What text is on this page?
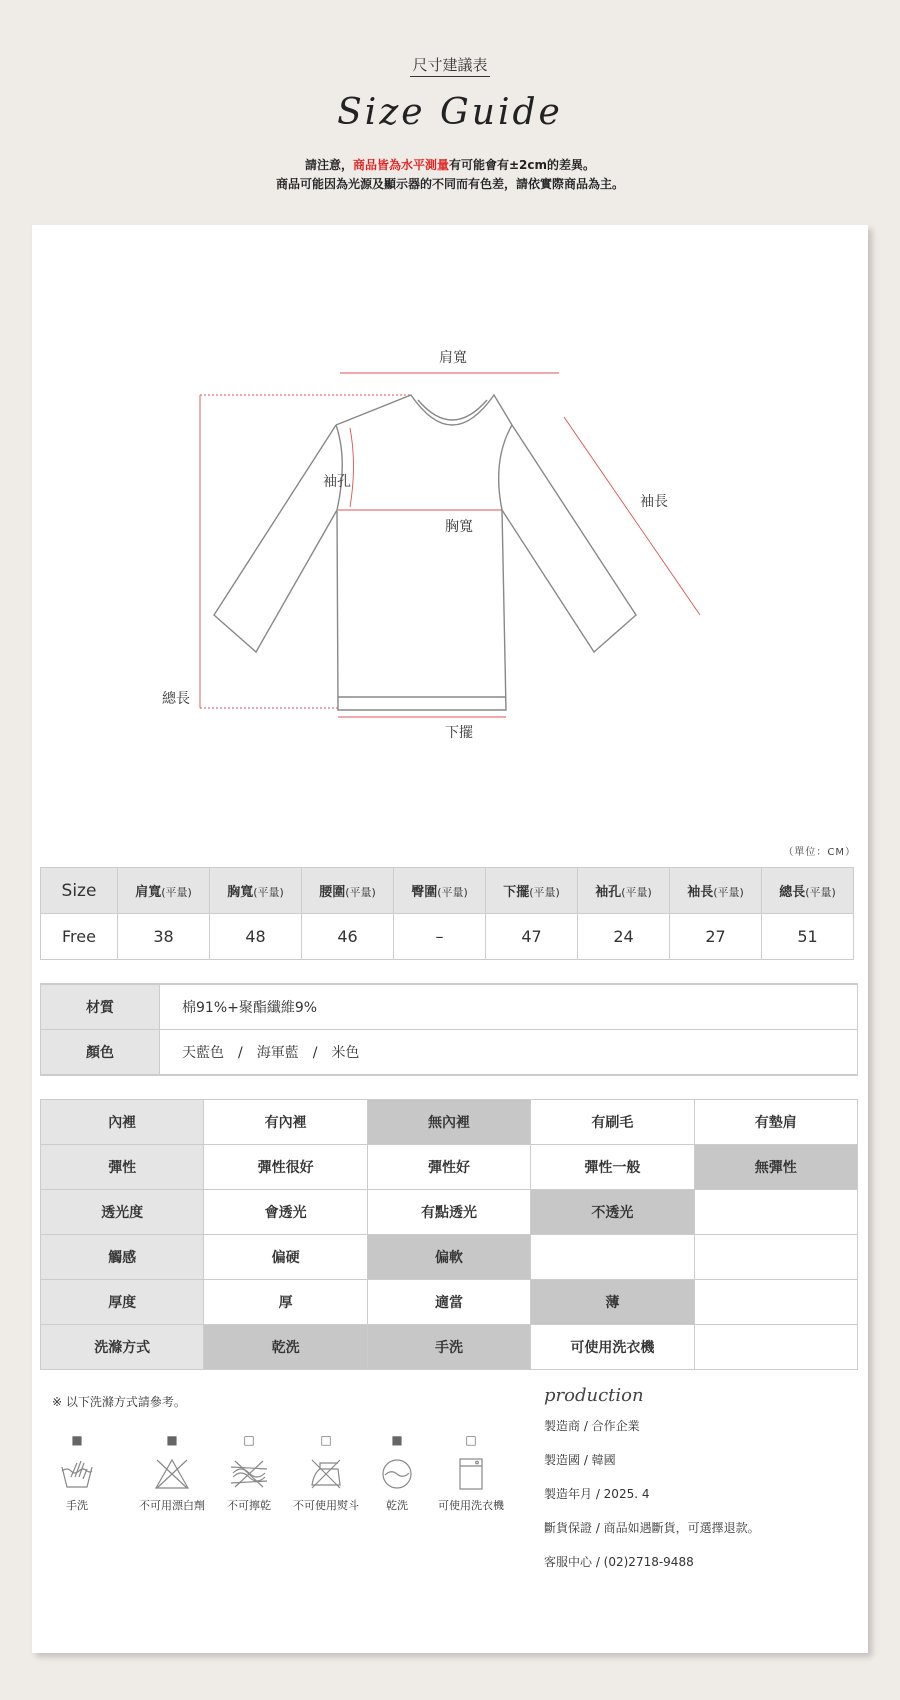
尺寸建議表
Size Guide
請注意，商品皆為水平測量有可能會有±2cm的差異。
商品可能因為光源及顯示器的不同而有色差，請依實際商品為主。
肩寬
袖孔
袖長
胸寬
總長
下擺
（單位：CM）
Size	肩寬(平量)	胸寬(平量)	腰圍(平量)	臀圍(平量)	下擺(平量)	袖孔(平量)	袖長(平量)	總長(平量)
Free	38	48	46	–	47	24	27	51
材質	棉91%+聚酯纖維9%
顏色	天藍色 / 海軍藍 / 米色
內裡	有內裡	無內裡	有刷毛	有墊肩
彈性	彈性很好	彈性好	彈性一般	無彈性
透光度	會透光	有點透光	不透光	
觸感	偏硬	偏軟		
厚度	厚	適當	薄	
洗滌方式	乾洗	手洗	可使用洗衣機	
※ 以下洗滌方式請參考。
■
手洗
■
不可用漂白劑
□
不可擰乾
□
不可使用熨斗
■
乾洗
□
可使用洗衣機
production
製造商 / 合作企業
製造國 / 韓國
製造年月 / 2025. 4
斷貨保證 / 商品如遇斷貨，可選擇退款。
客服中心 / (02)2718-9488
